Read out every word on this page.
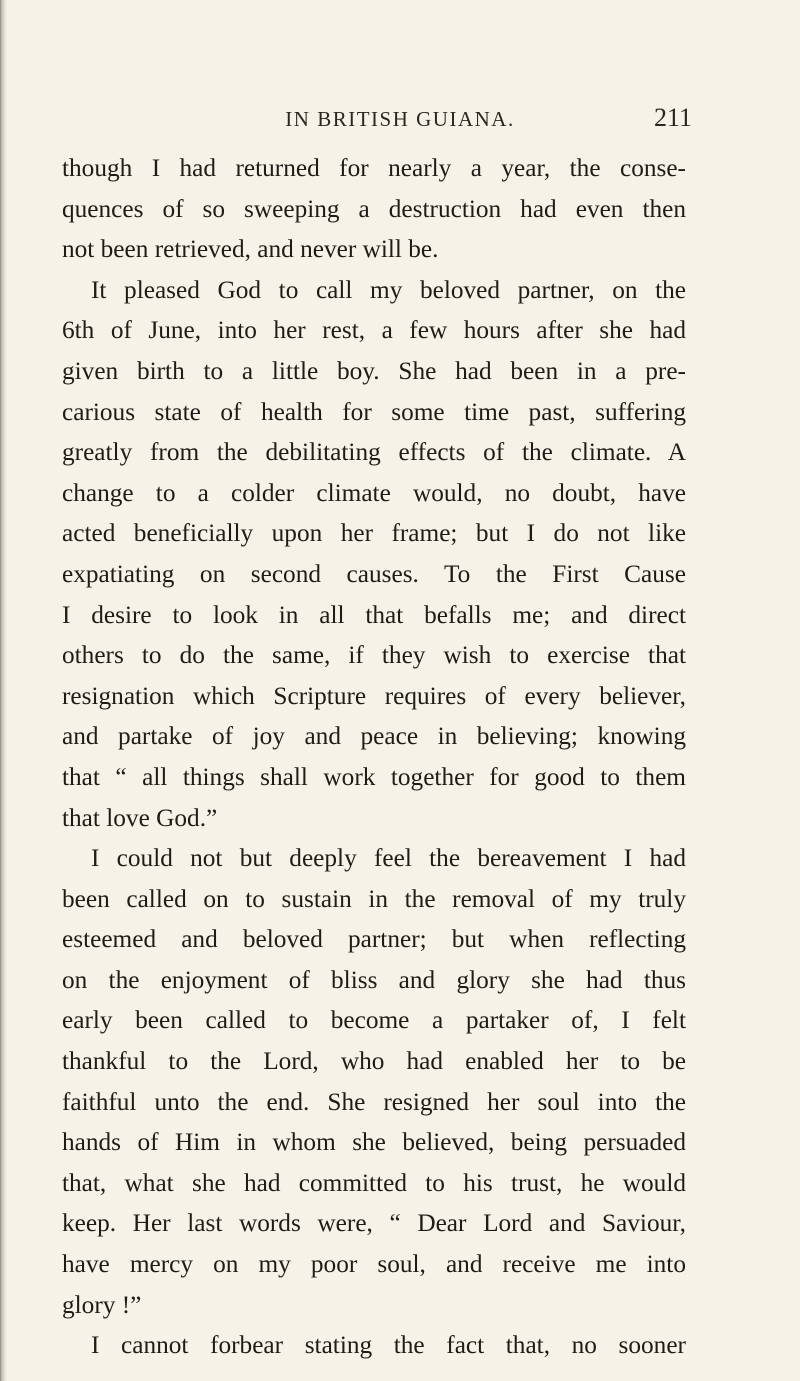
IN BRITISH GUIANA.	211
though I had returned for nearly a year, the conse-
quences of so sweeping a destruction had even then
not been retrieved, and never will be.
It pleased God to call my beloved partner, on the
6th of June, into her rest, a few hours after she had
given birth to a little boy. She had been in a pre-
carious state of health for some time past, suffering
greatly from the debilitating effects of the climate. A
change to a colder climate would, no doubt, have
acted beneficially upon her frame; but I do not like
expatiating on second causes. To the First Cause
I desire to look in all that befalls me; and direct
others to do the same, if they wish to exercise that
resignation which Scripture requires of every believer,
and partake of joy and peace in believing; knowing
that “ all things shall work together for good to them
that love God.”
I could not but deeply feel the bereavement I had
been called on to sustain in the removal of my truly
esteemed and beloved partner; but when reflecting
on the enjoyment of bliss and glory she had thus
early been called to become a partaker of, I felt
thankful to the Lord, who had enabled her to be
faithful unto the end. She resigned her soul into the
hands of Him in whom she believed, being persuaded
that, what she had committed to his trust, he would
keep. Her last words were, “ Dear Lord and Saviour,
have mercy on my poor soul, and receive me into
glory !”
I cannot forbear stating the fact that, no sooner
